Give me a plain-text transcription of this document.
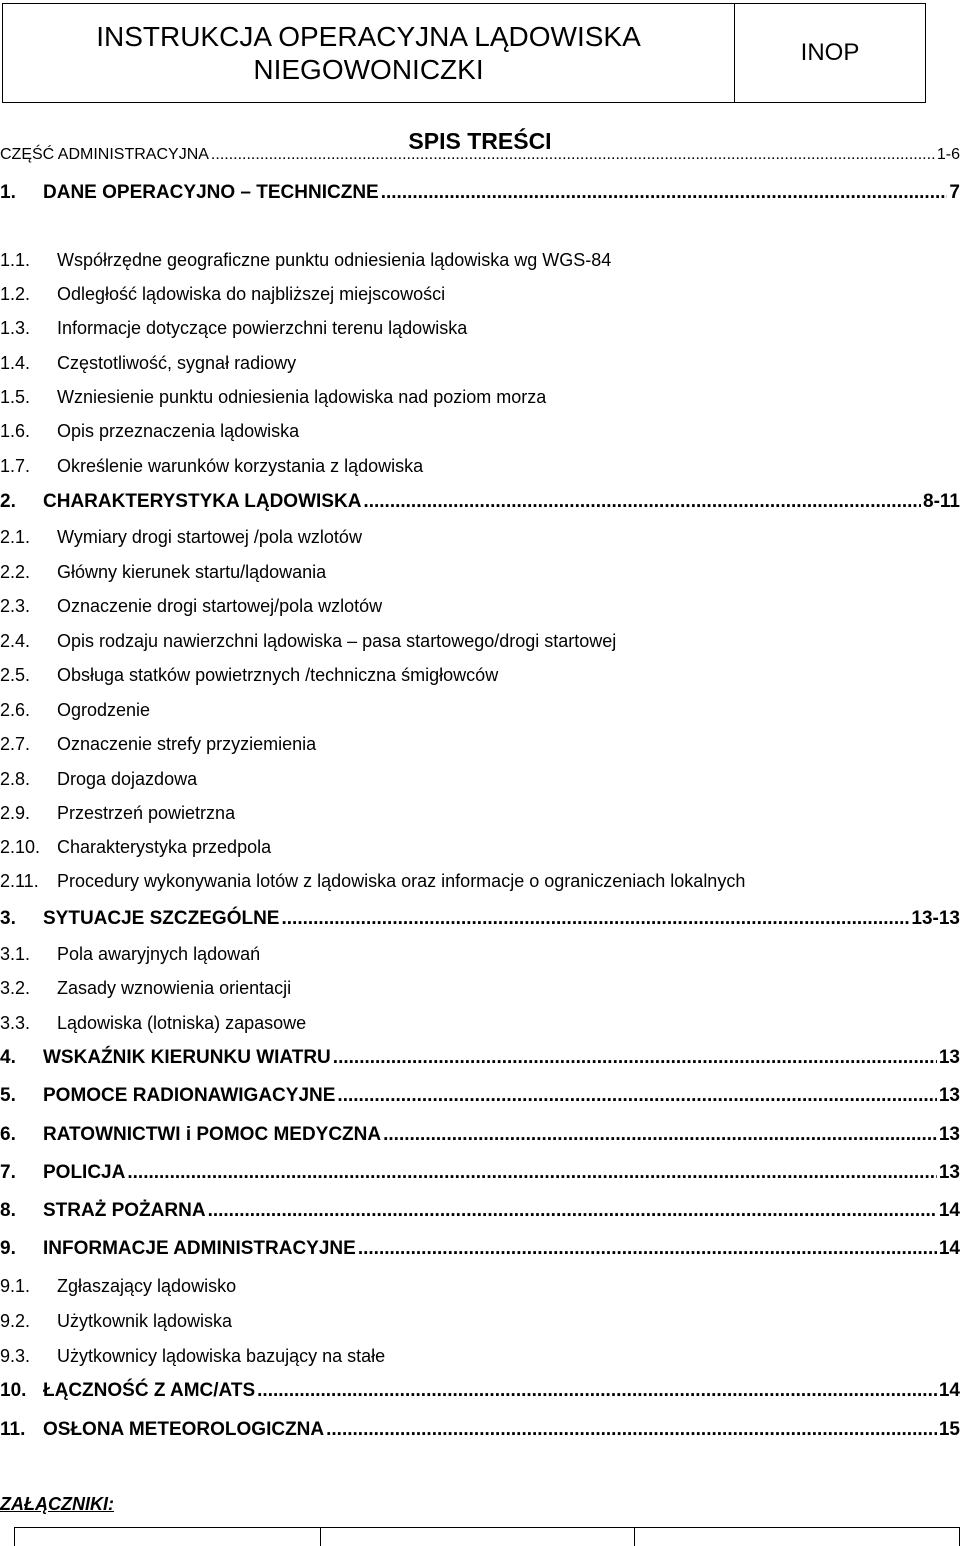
INSTRUKCJA OPERACYJNA LĄDOWISKA
NIEGOWONICZKI
INOP
SPIS TREŚCI
CZĘŚĆ ADMINISTRACYJNA .....	1-6
1.	DANE OPERACYJNO – TECHNICZNE .....	7
1.1.	Współrzędne geograficzne punktu odniesienia lądowiska wg WGS-84
1.2.	Odległość lądowiska do najbliższej miejscowości
1.3.	Informacje dotyczące powierzchni terenu lądowiska
1.4.	Częstotliwość, sygnał radiowy
1.5.	Wzniesienie punktu odniesienia lądowiska nad poziom morza
1.6.	Opis przeznaczenia lądowiska
1.7.	Określenie warunków korzystania z lądowiska
2.	CHARAKTERYSTYKA LĄDOWISKA .....	8-11
2.1.	Wymiary drogi startowej /pola wzlotów
2.2.	Główny kierunek startu/lądowania
2.3.	Oznaczenie drogi startowej/pola wzlotów
2.4.	Opis rodzaju nawierzchni lądowiska – pasa startowego/drogi startowej
2.5.	Obsługa statków powietrznych /techniczna śmigłowców
2.6.	Ogrodzenie
2.7.	Oznaczenie strefy przyziemienia
2.8.	Droga dojazdowa
2.9.	Przestrzeń powietrzna
2.10. Charakterystyka przedpola
2.11.	Procedury wykonywania lotów z lądowiska oraz informacje o ograniczeniach lokalnych
3.	SYTUACJE SZCZEGÓLNE .....	13-13
3.1.	Pola awaryjnych lądowań
3.2.	Zasady wznowienia orientacji
3.3.	Lądowiska (lotniska) zapasowe
4.	WSKAŹNIK KIERUNKU WIATRU .....	13
5.	POMOCE RADIONAWIGACYJNE .....	13
6.	RATOWNICTWI i POMOC MEDYCZNA .....	13
7.	POLICJA .....	13
8.	STRAŻ POŻARNA .....	14
9.	INFORMACJE ADMINISTRACYJNE .....	14
9.1.	Zgłaszający lądowisko
9.2.	Użytkownik lądowiska
9.3.	Użytkownicy lądowiska bazujący na stałe
10. ŁĄCZNOŚĆ Z AMC/ATS .....	14
11. OSŁONA METEOROLOGICZNA .....	15
ZAŁĄCZNIKI:
